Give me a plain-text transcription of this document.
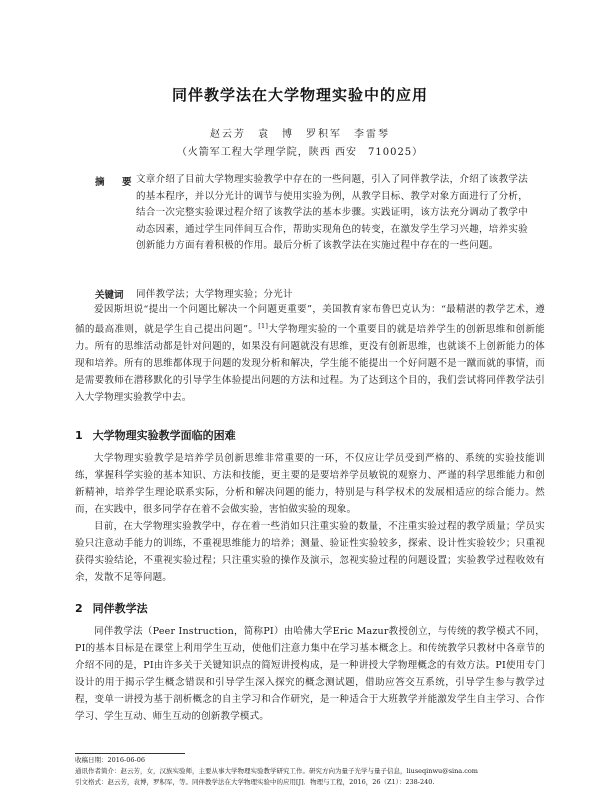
同伴教学法在大学物理实验中的应用
赵云芳　袁　博　罗积军　李雷琴
（火箭军工程大学理学院，陕西 西安　710025）
摘　要 文章介绍了目前大学物理实验教学中存在的一些问题，引入了同伴教学法，介绍了该教学法的基本程序，并以分光计的调节与使用实验为例，从教学目标、教学对象方面进行了分析，结合一次完整实验课过程介绍了该教学法的基本步骤。实践证明，该方法充分调动了教学中动态因素，通过学生同伴间互合作，帮助实现角色的转变，在激发学生学习兴趣，培养实验创新能力方面有着积极的作用。最后分析了该教学法在实施过程中存在的一些问题。
关键词 同伴教学法；大学物理实验；分光计

爱因斯坦说“提出一个问题比解决一个问题更重要”，美国教育家布鲁巴克认为：“最精湛的教学艺术，遵循的最高准则，就是学生自己提出问题”。[1]大学物理实验的一个重要目的就是培养学生的创新思维和创新能力。所有的思维活动都是针对问题的，如果没有问题就没有思维，更没有创新思维，也就谈不上创新能力的体现和培养。所有的思维都体现于问题的发现分析和解决，学生能不能提出一个好问题不是一蹴而就的事情，而是需要教师在潜移默化的引导学生体验提出问题的方法和过程。为了达到这个目的，我们尝试将同伴教学法引入大学物理实验教学中去。

1 大学物理实验教学面临的困难

大学物理实验教学是培养学员创新思维非常重要的一环，不仅应让学员受到严格的、系统的实验技能训练，掌握科学实验的基本知识、方法和技能，更主要的是要培养学员敏锐的观察力、严谨的科学思维能力和创新精神，培养学生理论联系实际，分析和解决问题的能力，特别是与科学权术的发展相适应的综合能力。然而，在实践中，很多同学存在着不会做实验，害怕做实验的现象。

目前，在大学物理实验教学中，存在着一些消如只注重实验的数量，不注重实验过程的教学质量；学员实验只注意动手能力的训练，不重视思维能力的培养；测量、验证性实验较多，探索、设计性实验较少；只重视获得实验结论，不重视实验过程；只注重实验的操作及演示，忽视实验过程的问题设置；实验教学过程收效有余，发散不足等问题。

2 同伴教学法

同伴教学法（Peer Instruction，简称PI）由哈佛大学Eric Mazur教授创立，与传统的教学模式不同，PI的基本目标是在课堂上利用学生互动，使他们注意力集中在学习基本概念上。和传统教学只教材中各章节的介绍不同的是，PI由许多关于关键知识点的简短讲授构成，是一种讲授大学物理概念的有效方法。PI使用专门设计的用于揭示学生概念错误和引导学生深入探究的概念测试题，借助应答交互系统，引导学生参与教学过程，变单一讲授为基于剖析概念的自主学习和合作研究，是一种适合于大班教学并能激发学生自主学习、合作学习、学生互动、师生互动的创新教学模式。

收稿日期：2016-06-06
通讯作者简介：赵云芳，女，汉族实验师，主要从事大学物理实验教学研究工作。研究方向为量子光学与量子信息，liuseqinwu@sina.com
引文格式：赵云芳，袁博，罗积军，等。同伴教学法在大学物理实验中的应用[J]．物理与工程，2016，26（Z1）：238-240.
